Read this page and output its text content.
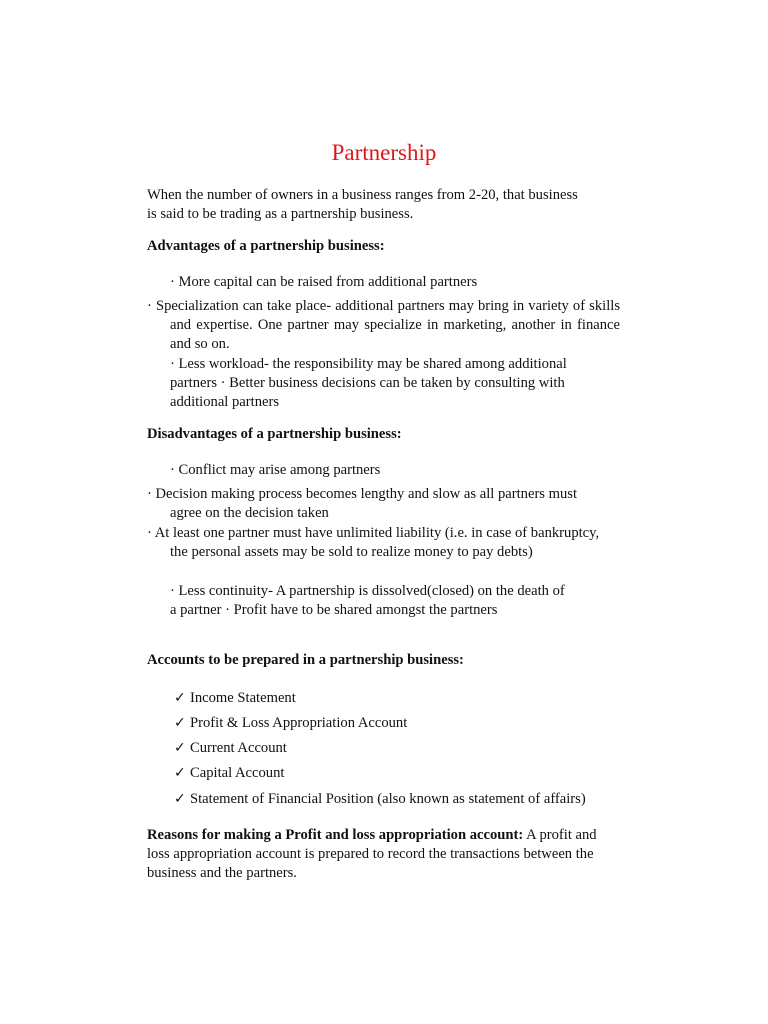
Partnership

When the number of owners in a business ranges from 2-20, that business is said to be trading as a partnership business.

Advantages of a partnership business:

· More capital can be raised from additional partners

· Specialization can take place- additional partners may bring in variety of skills and expertise. One partner may specialize in marketing, another in finance and so on.

· Less workload- the responsibility may be shared among additional partners · Better business decisions can be taken by consulting with additional partners

Disadvantages of a partnership business:

· Conflict may arise among partners

· Decision making process becomes lengthy and slow as all partners must agree on the decision taken

· At least one partner must have unlimited liability (i.e. in case of bankruptcy, the personal assets may be sold to realize money to pay debts)

· Less continuity- A partnership is dissolved(closed) on the death of a partner · Profit have to be shared amongst the partners

Accounts to be prepared in a partnership business:

✓ Income Statement
✓ Profit & Loss Appropriation Account
✓ Current Account
✓ Capital Account
✓ Statement of Financial Position (also known as statement of affairs)

Reasons for making a Profit and loss appropriation account: A profit and loss appropriation account is prepared to record the transactions between the business and the partners.
